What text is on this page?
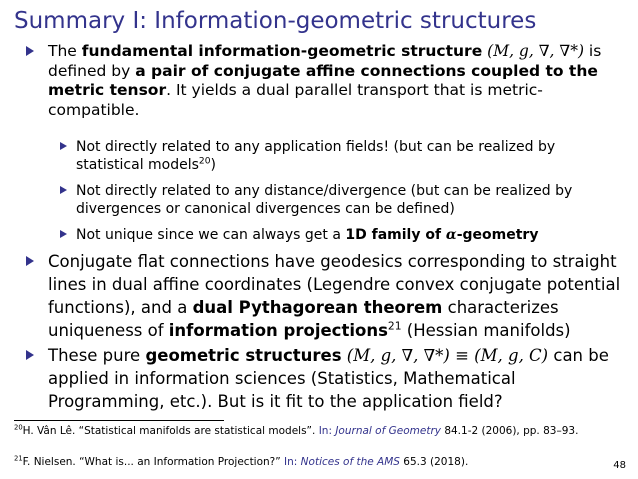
Summary I: Information-geometric structures
The fundamental information-geometric structure (M, g, ∇, ∇*) is defined by a pair of conjugate affine connections coupled to the metric tensor. It yields a dual parallel transport that is metric-compatible.
Not directly related to any application fields! (but can be realized by statistical models$^{20}$)
Not directly related to any distance/divergence (but can be realized by divergences or canonical divergences can be defined)
Not unique since we can always get a 1D family of α-geometry
Conjugate flat connections have geodesics corresponding to straight lines in dual affine coordinates (Legendre convex conjugate potential functions), and a dual Pythagorean theorem characterizes uniqueness of information projections$^{21}$ (Hessian manifolds)
These pure geometric structures (M, g, ∇, ∇*) ≡ (M, g, C) can be applied in information sciences (Statistics, Mathematical Programming, etc.). But is it fit to the application field?
$^{20}$H. Vân Lê. “Statistical manifolds are statistical models”. In: Journal of Geometry 84.1-2 (2006), pp. 83–93.
$^{21}$F. Nielsen. “What is... an Information Projection?” In: Notices of the AMS 65.3 (2018).	48
